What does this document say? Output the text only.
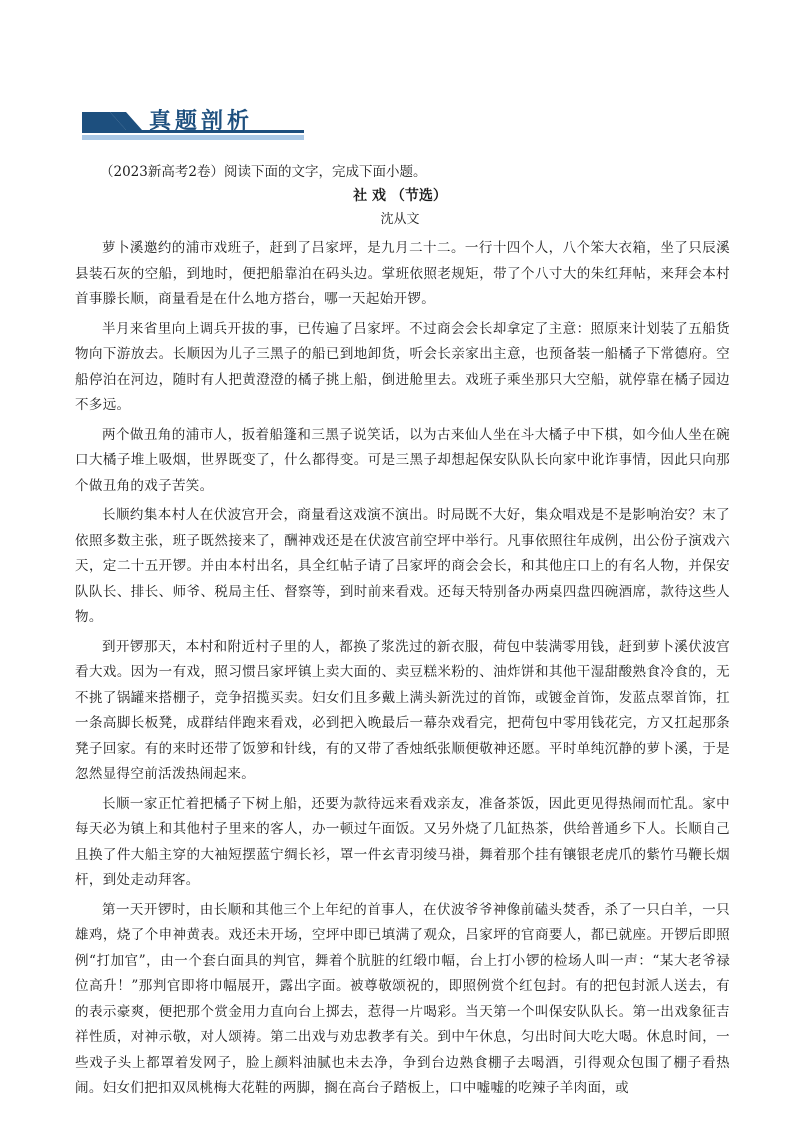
真题剖析
（2023新高考2卷）阅读下面的文字，完成下面小题。
社 戏 （节选）
沈从文

萝卜溪邀约的浦市戏班子，赶到了吕家坪，是九月二十二。一行十四个人，八个笨大衣箱，坐了只辰溪县装石灰的空船，到地时，便把船靠泊在码头边。掌班依照老规矩，带了个八寸大的朱红拜帖，来拜会本村首事滕长顺，商量看是在什么地方搭台，哪一天起始开锣。

半月来省里向上调兵开拔的事，已传遍了吕家坪。不过商会会长却拿定了主意：照原来计划装了五船货物向下游放去。长顺因为儿子三黑子的船已到地卸货，听会长亲家出主意，也预备装一船橘子下常德府。空船停泊在河边，随时有人把黄澄澄的橘子挑上船，倒进舱里去。戏班子乘坐那只大空船，就停靠在橘子园边不多远。

两个做丑角的浦市人，扳着船篷和三黑子说笑话，以为古来仙人坐在斗大橘子中下棋，如今仙人坐在碗口大橘子堆上吸烟，世界既变了，什么都得变。可是三黑子却想起保安队队长向家中讹诈事情，因此只向那个做丑角的戏子苦笑。

长顺约集本村人在伏波宫开会，商量看这戏演不演出。时局既不大好，集众唱戏是不是影响治安？末了依照多数主张，班子既然接来了，酬神戏还是在伏波宫前空坪中举行。凡事依照往年成例，出公份子演戏六天，定二十五开锣。并由本村出名，具全红帖子请了吕家坪的商会会长，和其他庄口上的有名人物，并保安队队长、排长、师爷、税局主任、督察等，到时前来看戏。还每天特别备办两桌四盘四碗酒席，款待这些人物。

到开锣那天，本村和附近村子里的人，都换了浆洗过的新衣服，荷包中装满零用钱，赶到萝卜溪伏波宫看大戏。因为一有戏，照习惯吕家坪镇上卖大面的、卖豆糕米粉的、油炸饼和其他干湿甜酸熟食冷食的，无不挑了锅罐来搭棚子，竞争招揽买卖。妇女们且多戴上满头新洗过的首饰，或镀金首饰，发蓝点翠首饰，扛一条高脚长板凳，成群结伴跑来看戏，必到把入晚最后一幕杂戏看完，把荷包中零用钱花完，方又扛起那条凳子回家。有的来时还带了饭箩和针线，有的又带了香烛纸张顺便敬神还愿。平时单纯沉静的萝卜溪，于是忽然显得空前活泼热闹起来。

长顺一家正忙着把橘子下树上船，还要为款待远来看戏亲友，准备茶饭，因此更见得热闹而忙乱。家中每天必为镇上和其他村子里来的客人，办一顿过午面饭。又另外烧了几缸热茶，供给普通乡下人。长顺自己且换了件大船主穿的大袖短摆蓝宁绸长衫，罩一件玄青羽绫马褂，舞着那个挂有镶银老虎爪的紫竹马鞭长烟杆，到处走动拜客。

第一天开锣时，由长顺和其他三个上年纪的首事人，在伏波爷爷神像前磕头焚香，杀了一只白羊，一只雄鸡，烧了个申神黄表。戏还未开场，空坪中即已填满了观众，吕家坪的官商要人，都已就座。开锣后即照例“打加官”，由一个套白面具的判官，舞着个肮脏的红缎巾幅，台上打小锣的检场人叫一声：“某大老爷禄位高升！”那判官即将巾幅展开，露出字面。被尊敬颂祝的，即照例赏个红包封。有的把包封派人送去，有的表示豪爽，便把那个赏金用力直向台上掷去，惹得一片喝彩。当天第一个叫保安队队长。第一出戏象征吉祥性质，对神示敬，对人颂祷。第二出戏与劝忠教孝有关。到中午休息，匀出时间大吃大喝。休息时间，一些戏子头上都罩着发网子，脸上颜料油腻也未去净，争到台边熟食棚子去喝酒，引得观众包围了棚子看热闹。妇女们把扣双凤桃梅大花鞋的两脚，搁在高台子踏板上，口中嘘嘘的吃辣子羊肉面，或
